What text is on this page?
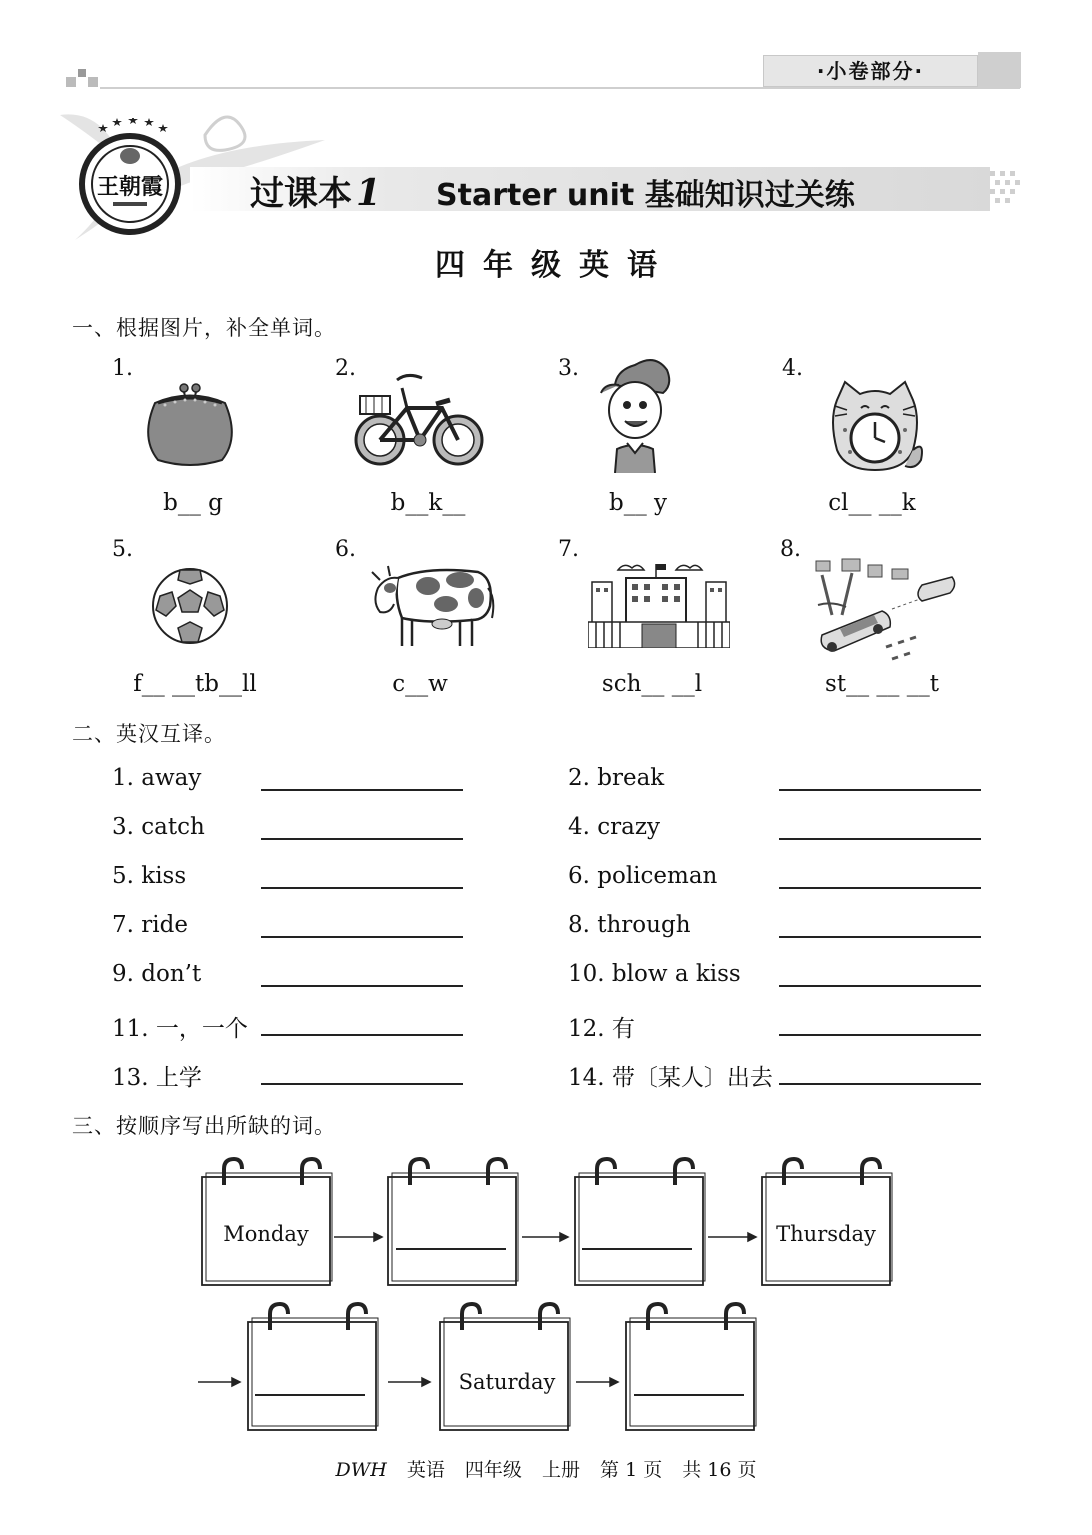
·小卷部分·
王朝霞	过课本 1 Starter unit 基础知识过关练
四年级英语
一、根据图片，补全单词。
1.	2.	3.	4.
b__ g	b__k__	b__ y	cl__ __k
5.	6.	7.	8.
f__ __tb__ll	c__w	sch__ __l	st__ __ __t
二、英汉互译。
1. away	2. break
3. catch	4. crazy
5. kiss	6. policeman
7. ride	8. through
9. don’t	10. blow a kiss
11. 一，一个	12. 有
13. 上学	14. 带〔某人〕出去
三、按顺序写出所缺的词。
Monday	Thursday
Saturday
DWH 英语 四年级 上册 第 1 页 共 16 页
